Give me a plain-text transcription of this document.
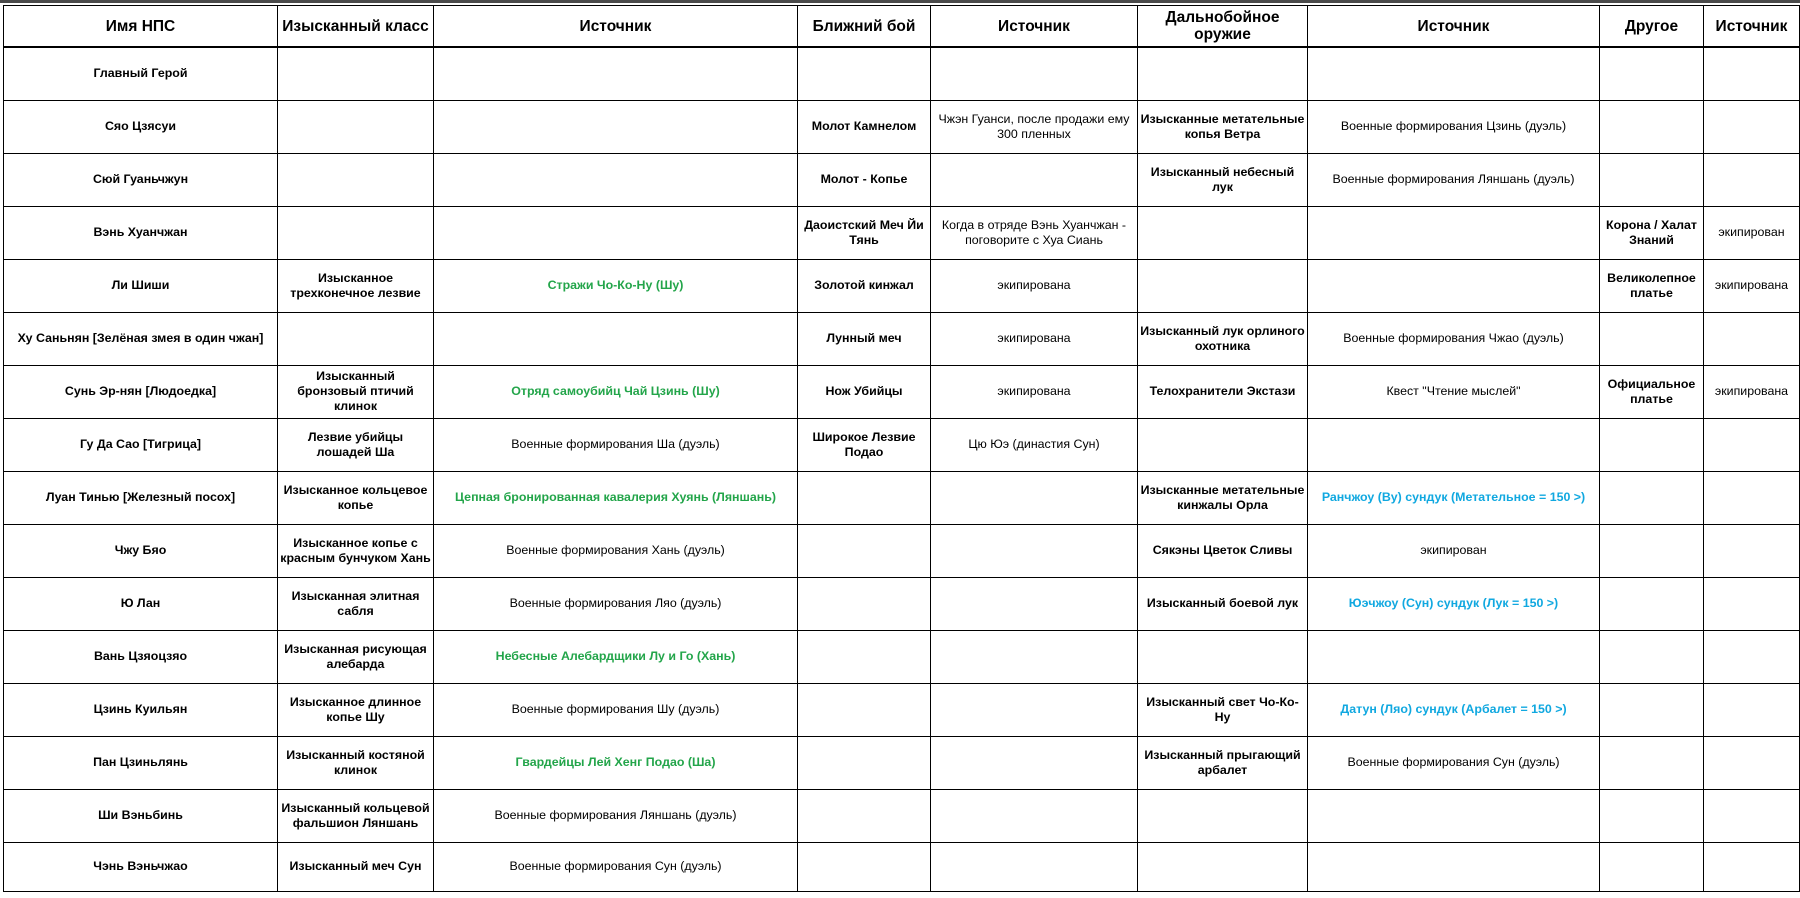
Имя НПС	Изысканный класс	Источник	Ближний бой	Источник	Дальнобойное оружие	Источник	Другое	Источник
Главный Герой								
Сяо Цзясуи			Молот Камнелом	Чжэн Гуанси, после продажи ему 300 пленных	Изысканные метательные копья Ветра	Военные формирования Цзинь (дуэль)		
Сюй Гуаньчжун			Молот - Копье		Изысканный небесный лук	Военные формирования Ляншань (дуэль)		
Вэнь Хуанчжан			Даоистский Меч Йи Тянь	Когда в отряде Вэнь Хуанчжан - поговорите с Хуа Сиань			Корона / Халат Знаний	экипирован
Ли Шиши	Изысканное трехконечное лезвие	Стражи Чо-Ко-Ну (Шу)	Золотой кинжал	экипирована			Великолепное платье	экипирована
Ху Саньнян [Зелёная змея в один чжан]			Лунный меч	экипирована	Изысканный лук орлиного охотника	Военные формирования Чжао (дуэль)		
Сунь Эр-нян [Людоедка]	Изысканный бронзовый птичий клинок	Отряд самоубийц Чай Цзинь (Шу)	Нож Убийцы	экипирована	Телохранители Экстази	Квест "Чтение мыслей"	Официальное платье	экипирована
Гу Да Сао [Тигрица]	Лезвие убийцы лошадей Ша	Военные формирования Ша (дуэль)	Широкое Лезвие Подао	Цю Юэ (династия Сун)				
Луан Тинью [Железный посох]	Изысканное кольцевое копье	Цепная бронированная кавалерия Хуянь (Ляншань)			Изысканные метательные кинжалы Орла	Ранчжоу (Ву) сундук (Метательное = 150 >)		
Чжу Бяо	Изысканное копье с красным бунчуком Хань	Военные формирования Хань (дуэль)			Сякэны Цветок Сливы	экипирован		
Ю Лан	Изысканная элитная сабля	Военные формирования Ляо (дуэль)			Изысканный боевой лук	Юэчжоу (Сун) сундук (Лук = 150 >)		
Вань Цзяоцзяо	Изысканная рисующая алебарда	Небесные Алебардщики Лу и Го (Хань)						
Цзинь Куильян	Изысканное длинное копье Шу	Военные формирования Шу (дуэль)			Изысканный свет Чо-Ко-Ну	Датун (Ляо) сундук (Арбалет = 150 >)		
Пан Цзиньлянь	Изысканный костяной клинок	Гвардейцы Лей Хенг Подао (Ша)			Изысканный прыгающий арбалет	Военные формирования Сун (дуэль)		
Ши Вэньбинь	Изысканный кольцевой фальшион Ляншань	Военные формирования Ляншань (дуэль)						
Чэнь Вэньчжао	Изысканный меч Сун	Военные формирования Сун (дуэль)						
